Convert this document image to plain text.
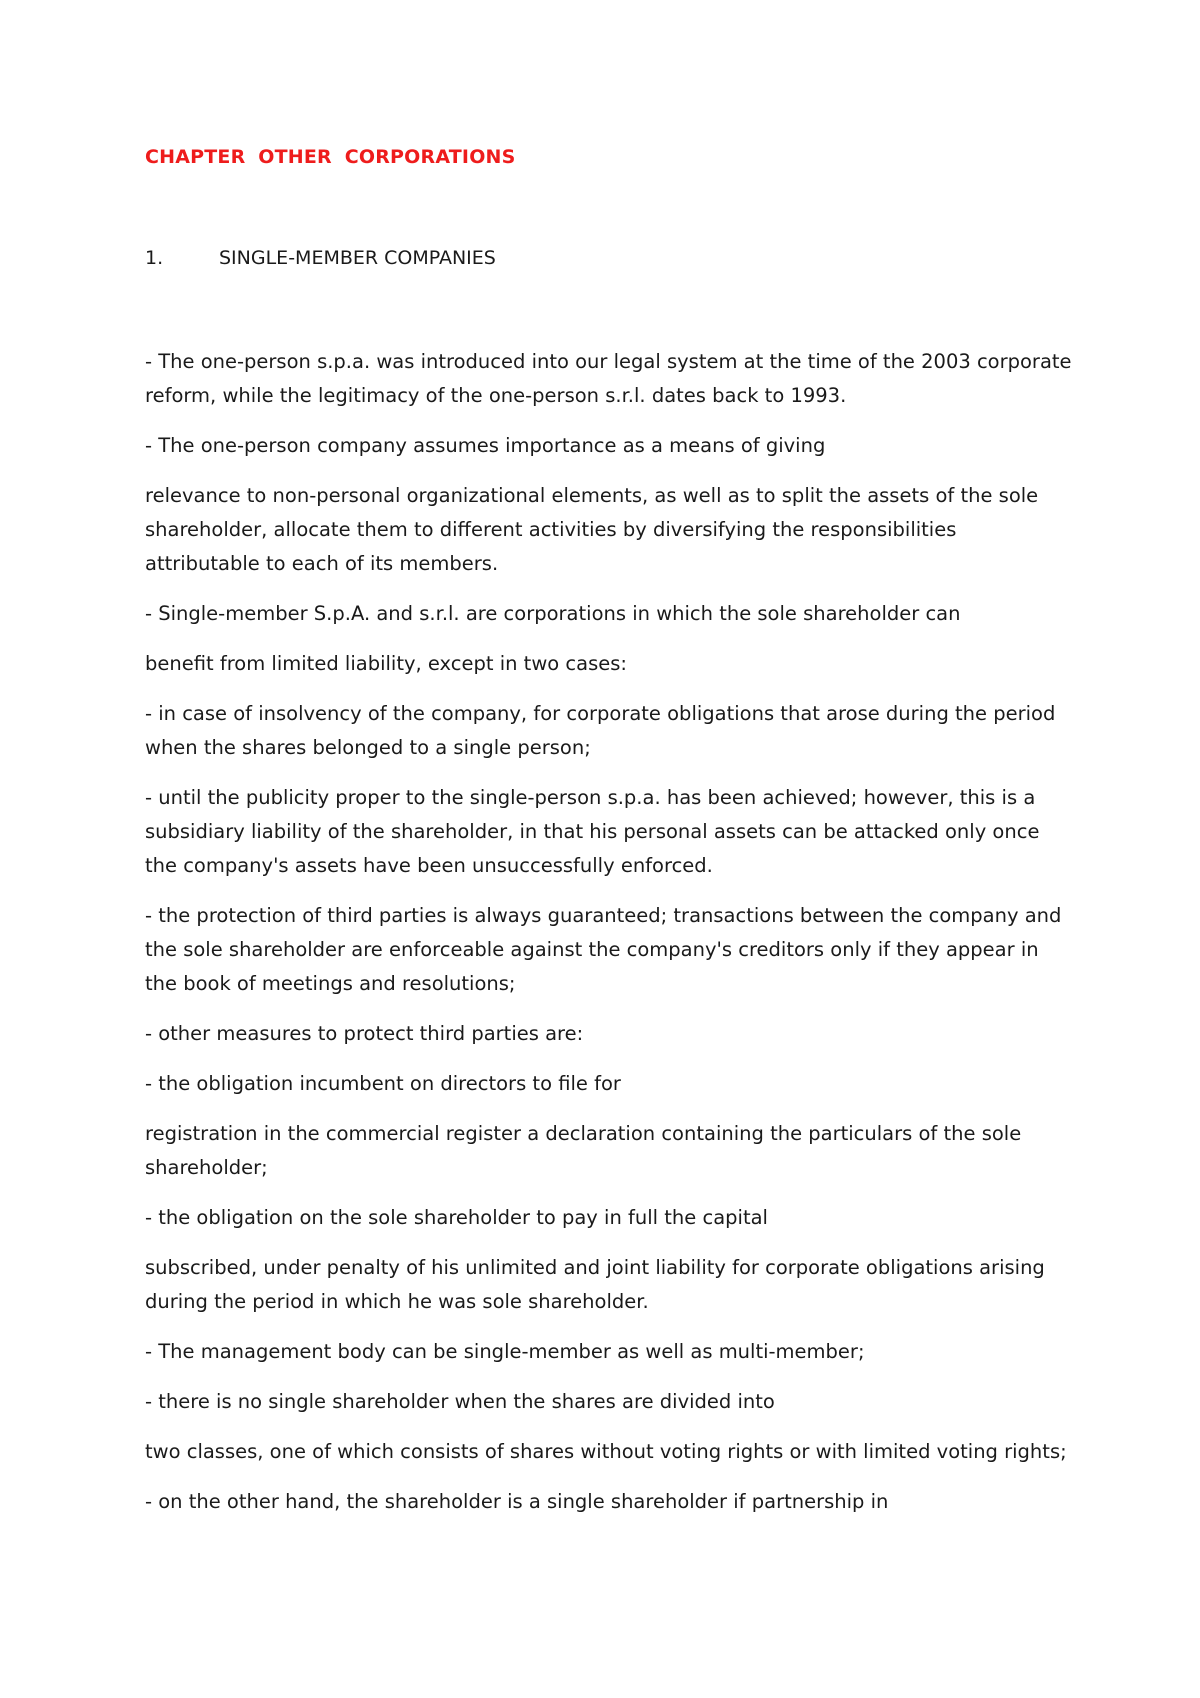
CHAPTER OTHER CORPORATIONS
1.	SINGLE-MEMBER COMPANIES

- The one-person s.p.a. was introduced into our legal system at the time of the 2003 corporate reform, while the legitimacy of the one-person s.r.l. dates back to 1993.

- The one-person company assumes importance as a means of giving

relevance to non-personal organizational elements, as well as to split the assets of the sole shareholder, allocate them to different activities by diversifying the responsibilities attributable to each of its members.

- Single-member S.p.A. and s.r.l. are corporations in which the sole shareholder can

benefit from limited liability, except in two cases:

- in case of insolvency of the company, for corporate obligations that arose during the period when the shares belonged to a single person;

- until the publicity proper to the single-person s.p.a. has been achieved; however, this is a subsidiary liability of the shareholder, in that his personal assets can be attacked only once the company's assets have been unsuccessfully enforced.

- the protection of third parties is always guaranteed; transactions between the company and the sole shareholder are enforceable against the company's creditors only if they appear in the book of meetings and resolutions;

- other measures to protect third parties are:

- the obligation incumbent on directors to file for

registration in the commercial register a declaration containing the particulars of the sole shareholder;

- the obligation on the sole shareholder to pay in full the capital

subscribed, under penalty of his unlimited and joint liability for corporate obligations arising during the period in which he was sole shareholder.

- The management body can be single-member as well as multi-member;

- there is no single shareholder when the shares are divided into

two classes, one of which consists of shares without voting rights or with limited voting rights;

- on the other hand, the shareholder is a single shareholder if partnership in
